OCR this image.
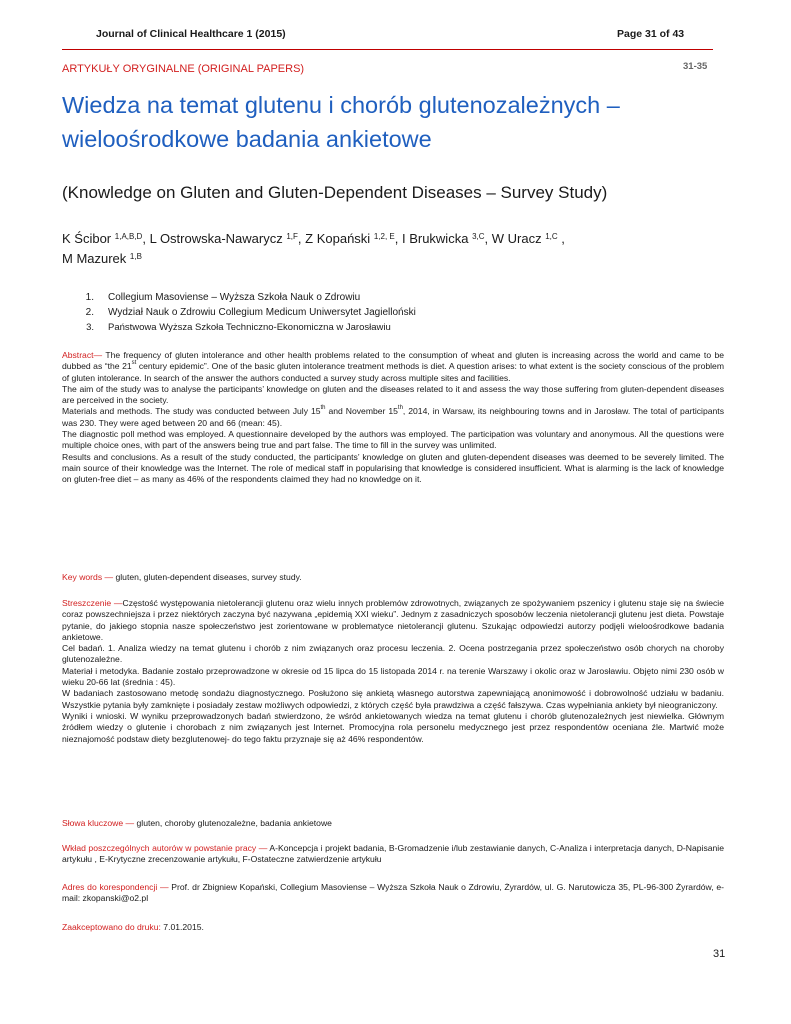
Journal of Clinical Healthcare 1 (2015)	Page 31 of 43
ARTYKUŁY ORYGINALNE (ORIGINAL PAPERS)	31-35
Wiedza na temat glutenu i chorób glutenozależnych –
wieloośrodkowe badania ankietowe
(Knowledge on Gluten and Gluten-Dependent Diseases – Survey Study)
K Ścibor $^{1,A,B,D}$, L Ostrowska-Nawarycz $^{1,F}$, Z Kopański $^{1,2, E}$, I Brukwicka $^{3,C}$, W Uracz $^{1,C}$ ,
M Mazurek $^{1,B}$
1.	Collegium Masoviense – Wyższa Szkoła Nauk o Zdrowiu
2.	Wydział Nauk o Zdrowiu Collegium Medicum Uniwersytet Jagielloński
3.	Państwowa Wyższa Szkoła Techniczno-Ekonomiczna w Jarosławiu

Abstract— The frequency of gluten intolerance and other health problems related to the consumption of wheat and gluten is increasing across the world and came to be dubbed as “the 21st century epidemic”. One of the basic gluten intolerance treatment methods is diet. A question arises: to what extent is the society conscious of the problem of gluten intolerance. In search of the answer the authors conducted a survey study across multiple sites and facilities.

The aim of the study was to analyse the participants’ knowledge on gluten and the diseases related to it and assess the way those suffering from gluten-dependent diseases are perceived in the society.

Materials and methods. The study was conducted between July 15th and November 15th, 2014, in Warsaw, its neighbouring towns and in Jarosław. The total of participants was 230. They were aged between 20 and 66 (mean: 45).

The diagnostic poll method was employed. A questionnaire developed by the authors was employed. The participation was voluntary and anonymous. All the questions were multiple choice ones, with part of the answers being true and part false. The time to fill in the survey was unlimited.

Results and conclusions. As a result of the study conducted, the participants’ knowledge on gluten and gluten-dependent diseases was deemed to be severely limited. The main source of their knowledge was the Internet. The role of medical staff in popularising that knowledge is considered insufficient. What is alarming is the lack of knowledge on gluten-free diet – as many as 46% of the respondents claimed they had no knowledge on it.

Key words — gluten, gluten-dependent diseases, survey study.

Streszczenie —Częstość występowania nietolerancji glutenu oraz wielu innych problemów zdrowotnych, związanych ze spożywaniem pszenicy i glutenu staje się na świecie coraz powszechniejsza i przez niektórych zaczyna być nazywana „epidemią XXI wieku”. Jednym z zasadniczych sposobów leczenia nietolerancji glutenu jest dieta. Powstaje pytanie, do jakiego stopnia nasze społeczeństwo jest zorientowane w problematyce nietolerancji glutenu. Szukając odpowiedzi autorzy podjęli wieloośrodkowe badania ankietowe.

Cel badań. 1. Analiza wiedzy na temat glutenu i chorób z nim związanych oraz procesu leczenia. 2. Ocena postrzegania przez społeczeństwo osób chorych na choroby glutenozależne.

Materiał i metodyka. Badanie zostało przeprowadzone w okresie od 15 lipca do 15 listopada 2014 r. na terenie Warszawy i okolic oraz w Jarosławiu. Objęto nimi 230 osób w wieku 20-66 lat (średnia : 45).

W badaniach zastosowano metodę sondażu diagnostycznego. Posłużono się ankietą własnego autorstwa zapewniającą anonimowość i dobrowolność udziału w badaniu. Wszystkie pytania były zamknięte i posiadały zestaw możliwych odpowiedzi, z których część była prawdziwa a część fałszywa. Czas wypełniania ankiety był nieograniczony.

Wyniki i wnioski. W wyniku przeprowadzonych badań stwierdzono, że wśród ankietowanych wiedza na temat glutenu i chorób glutenozależnych jest niewielka. Głównym źródłem wiedzy o glutenie i chorobach z nim związanych jest Internet. Promocyjna rola personelu medycznego jest przez respondentów oceniana źle. Martwić może nieznajomość podstaw diety bezglutenowej- do tego faktu przyznaje się aż 46% respondentów.

Słowa kluczowe — gluten, choroby glutenozależne, badania ankietowe

Wkład poszczególnych autorów w powstanie pracy — A-Koncepcja i projekt badania, B-Gromadzenie i/lub zestawianie danych, C-Analiza i interpretacja danych, D-Napisanie artykułu , E-Krytyczne zrecenzowanie artykułu, F-Ostateczne zatwierdzenie artykułu

Adres do korespondencji — Prof. dr Zbigniew Kopański, Collegium Masoviense – Wyższa Szkoła Nauk o Zdrowiu, Żyrardów, ul. G. Narutowicza 35, PL-96-300 Żyrardów, e-mail: zkopanski@o2.pl

Zaakceptowano do druku: 7.01.2015.

31
